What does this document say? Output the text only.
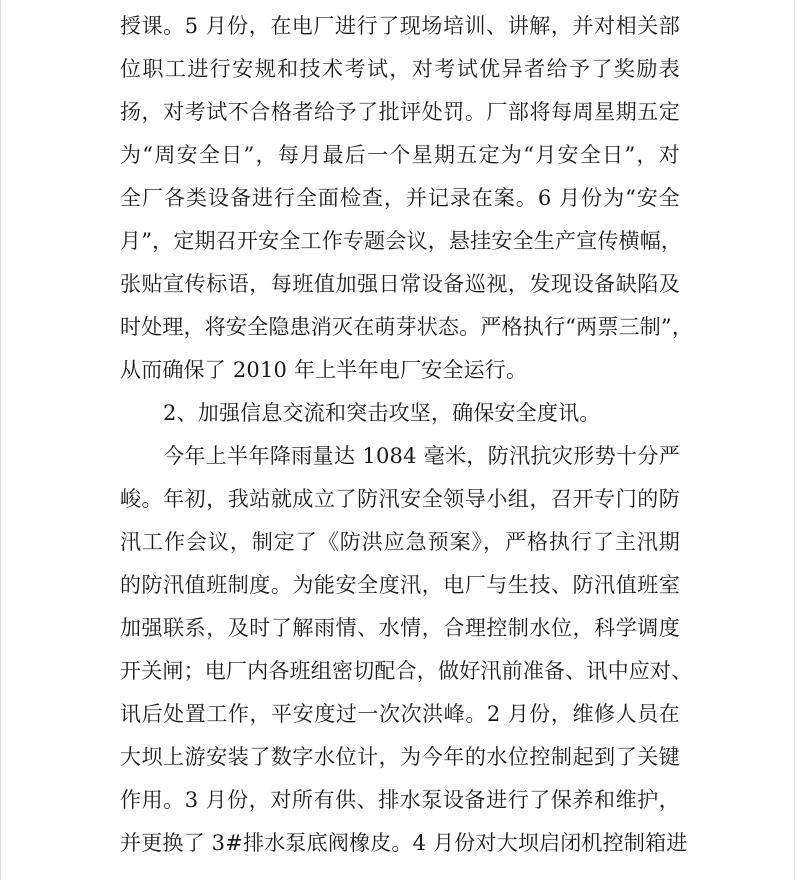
授课。5 月份，在电厂进行了现场培训、讲解，并对相关部
位职工进行安规和技术考试，对考试优异者给予了奖励表
扬，对考试不合格者给予了批评处罚。厂部将每周星期五定
为“周安全日”，每月最后一个星期五定为“月安全日”，对
全厂各类设备进行全面检查，并记录在案。6 月份为“安全
月”，定期召开安全工作专题会议，悬挂安全生产宣传横幅，
张贴宣传标语，每班值加强日常设备巡视，发现设备缺陷及
时处理，将安全隐患消灭在萌芽状态。严格执行“两票三制”，
从而确保了 2010 年上半年电厂安全运行。
2、加强信息交流和突击攻坚，确保安全度讯。
今年上半年降雨量达 1084 毫米，防汛抗灾形势十分严
峻。年初，我站就成立了防汛安全领导小组，召开专门的防
汛工作会议，制定了《防洪应急预案》，严格执行了主汛期
的防汛值班制度。为能安全度汛，电厂与生技、防汛值班室
加强联系，及时了解雨情、水情，合理控制水位，科学调度
开关闸；电厂内各班组密切配合，做好汛前准备、讯中应对、
讯后处置工作，平安度过一次次洪峰。2 月份，维修人员在
大坝上游安装了数字水位计，为今年的水位控制起到了关键
作用。3 月份，对所有供、排水泵设备进行了保养和维护，
并更换了 3#排水泵底阀橡皮。4 月份对大坝启闭机控制箱进
